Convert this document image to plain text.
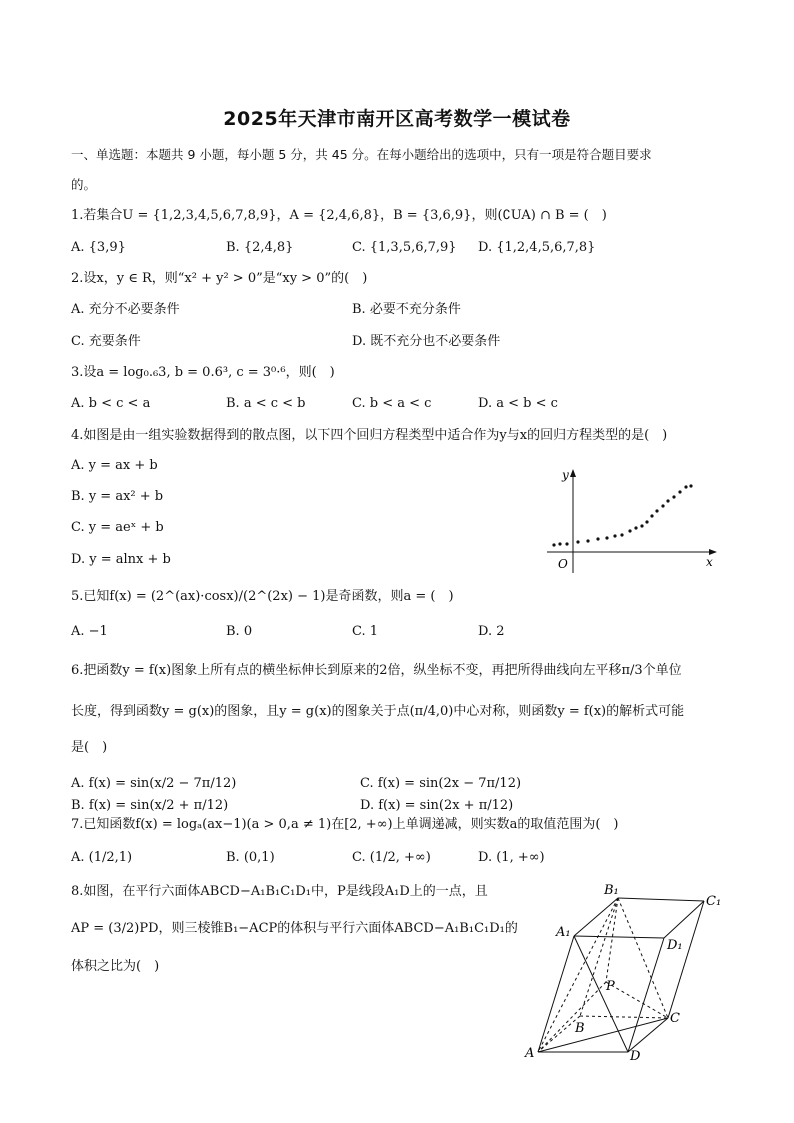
2025年天津市南开区高考数学一模试卷
一、单选题：本题共 9 小题，每小题 5 分，共 45 分。在每小题给出的选项中，只有一项是符合题目要求
的。
1.若集合U = {1,2,3,4,5,6,7,8,9}，A = {2,4,6,8}，B = {3,6,9}，则(∁UA) ∩ B = (　)
A. {3,9}	B. {2,4,8}	C. {1,3,5,6,7,9} D. {1,2,4,5,6,7,8}
2.设x，y ∈ R，则“x² + y² > 0”是“xy > 0”的(　)
A. 充分不必要条件	B. 必要不充分条件
C. 充要条件	D. 既不充分也不必要条件
3.设a = log₀.₆3, b = 0.6³, c = 3⁰·⁶，则(　)
A. b < c < a	B. a < c < b	C. b < a < c	D. a < b < c
4.如图是由一组实验数据得到的散点图，以下四个回归方程类型中适合作为y与x的回归方程类型的是(　)
A. y = ax + b
B. y = ax² + b
C. y = aeˣ + b
D. y = alnx + b
y
x
O
5.已知f(x) = (2^(ax)·cosx)/(2^(2x) − 1)是奇函数，则a = (　)
A. −1	B. 0	C. 1	D. 2
6.把函数y = f(x)图象上所有点的横坐标伸长到原来的2倍，纵坐标不变，再把所得曲线向左平移π/3个单位
长度，得到函数y = g(x)的图象，且y = g(x)的图象关于点(π/4,0)中心对称，则函数y = f(x)的解析式可能
是(　)
A. f(x) = sin(x/2 − 7π/12)
B. f(x) = sin(x/2 + π/12)
C. f(x) = sin(2x − 7π/12)
D. f(x) = sin(2x + π/12)
7.已知函数f(x) = logₐ(ax−1)(a > 0,a ≠ 1)在[2, +∞)上单调递减，则实数a的取值范围为(　)
A. (1/2,1)	B. (0,1)	C. (1/2, +∞)	D. (1, +∞)
8.如图，在平行六面体ABCD−A₁B₁C₁D₁中，P是线段A₁D上的一点，且
AP = (3/2)PD，则三棱锥B₁−ACP的体积与平行六面体ABCD−A₁B₁C₁D₁的
体积之比为(　)
B₁
C₁
A₁
D₁
P
B
C
A	D
